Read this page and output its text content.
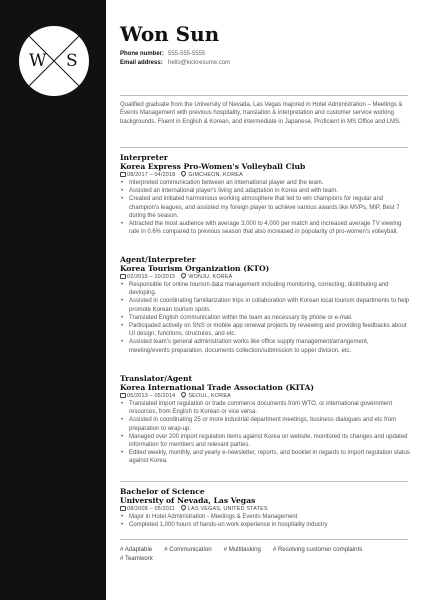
W S
Won Sun
Phone number: 555-555-5555
Email address: hello@kickresume.com

Qualified graduate from the University of Nevada, Las Vegas majored in Hotel Administration – Meetings & Events Management with previous hospitality, translation & interpretation and customer service working backgrounds. Fluent in English & Korean, and intermediate in Japanese. Proficient in MS Office and LMS.

Interpreter
Korea Express Pro-Women's Volleyball Club
08/2017 – 04/2018 GIMCHEON, KOREA
• Interpreted communication between an international player and the team.
• Assisted an international player's living and adaptation in Korea and with team.
• Created and initiated harmonious working atmosphere that led to win champions for regular and champion's leagues, and assisted my foreign player to achieve various awards like MVPs, MIP, Best 7 during the season.
• Attracted the most audience with average 3,000 to 4,000 per match and increased average TV viewing rate in 0.6% compared to previous season that also increased in popularity of pro-women's volleyball.
Agent/Interpreter
Korea Tourism Organization (KTO)
02/2015 – 10/2015 WONJU, KOREA
• Responsible for online tourism data management including monitoring, correcting, distributing and devloping.
• Assisted in coordinating familiarization trips in collaboration with Korean local tourism departments to help promote Korean tourism spots.
• Translated English communication within the team as necessary by phone or e-mail.
• Participated actively on SNS or mobile app renewal projects by reviewing and providing feedbacks about UI design, functions, structures, and etc.
• Assisted team's general administration works like office supply management/arrangement, meeting/events preparation, documents collection/submission to upper division, etc.
Translator/Agent
Korea International Trade Association (KITA)
05/2013 – 05/2014 SEOUL, KOREA
• Translated import regulation or trade commerce documents from WTO, or international government resources, from English to Korean or vice versa.
• Assisted in coordinating 25 or more industrial department meetings, business dialogues and etc from preparation to wrap-up.
• Managed over 200 import regulation items against Korea on website, monitored its changes and updated information for members and relevant parties.
• Edited weekly, monthly, and yearly e-newsletter, reports, and booklet in regards to import regulation status against Korea.
Bachelor of Science
University of Nevada, Las Vegas
08/2008 – 05/2011 LAS VEGAS, UNITED STATES
• Major in Hotel Administration - Meetings & Events Management
• Completed 1,000 hours of hands-on work experience in hospitality industry
# Adaptable # Communication # Multitasking # Resolving customer complaints
# Teamwork
